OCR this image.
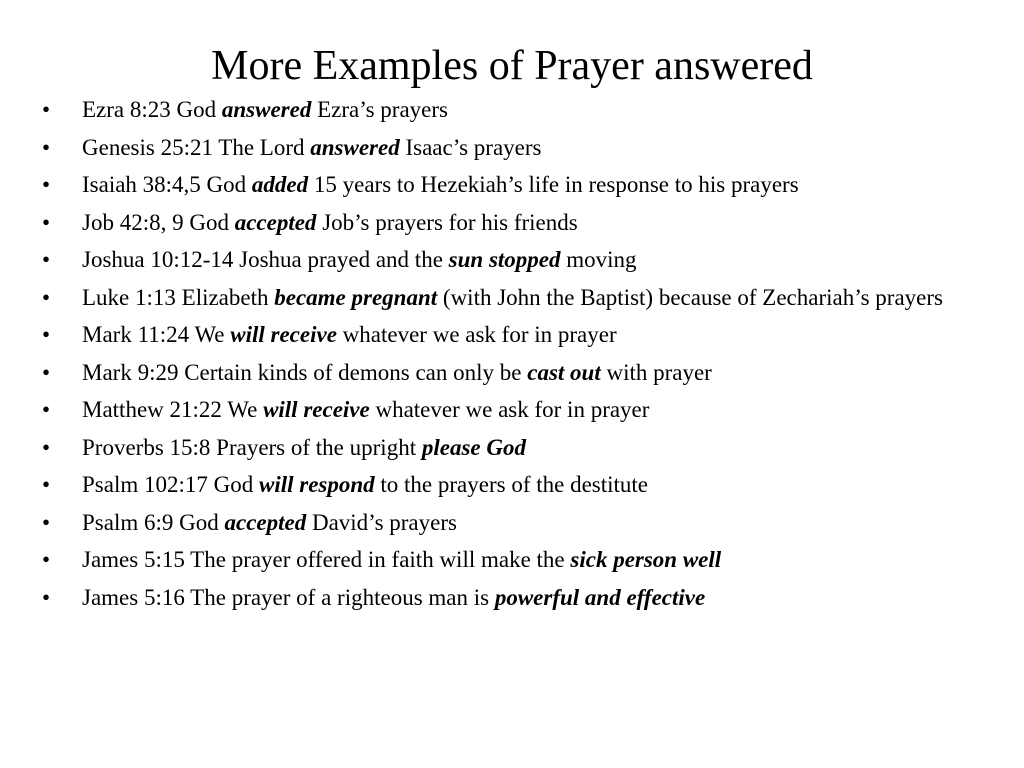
More Examples of Prayer answered
•	Ezra 8:23 God answered Ezra’s prayers
•	Genesis 25:21 The Lord answered Isaac’s prayers
•	Isaiah 38:4,5 God added 15 years to Hezekiah’s life in response to his prayers
•	Job 42:8, 9 God accepted Job’s prayers for his friends
•	Joshua 10:12-14 Joshua prayed and the sun stopped moving
•	Luke 1:13 Elizabeth became pregnant (with John the Baptist) because of Zechariah’s prayers
•	Mark 11:24 We will receive whatever we ask for in prayer
•	Mark 9:29 Certain kinds of demons can only be cast out with prayer
•	Matthew 21:22 We will receive whatever we ask for in prayer
•	Proverbs 15:8 Prayers of the upright please God
•	Psalm 102:17 God will respond to the prayers of the destitute
•	Psalm 6:9 God accepted David’s prayers
•	James 5:15 The prayer offered in faith will make the sick person well
•	James 5:16 The prayer of a righteous man is powerful and effective
